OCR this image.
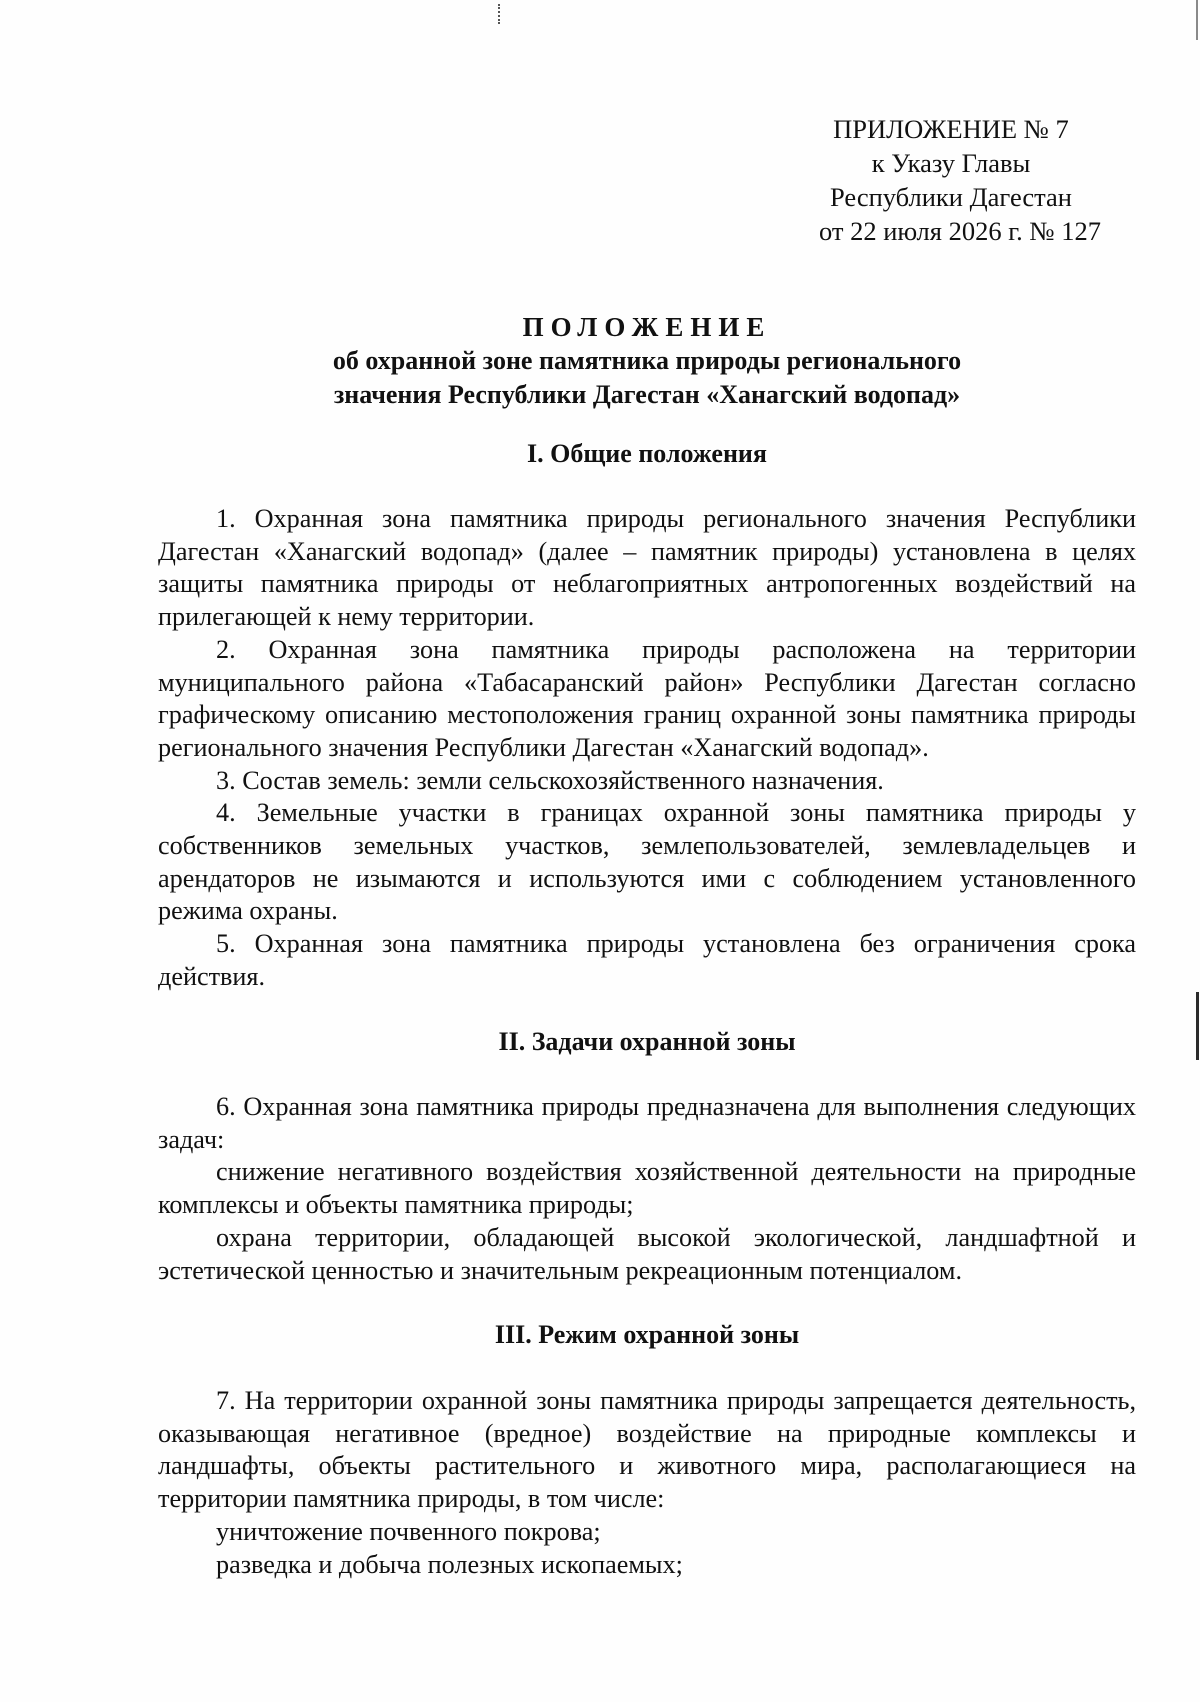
ПРИЛОЖЕНИЕ № 7
к Указу Главы
Республики Дагестан
от 22 июля 2026 г. № 127

ПОЛОЖЕНИЕ

об охранной зоне памятника природы регионального

значения Республики Дагестан «Ханагский водопад»

I. Общие положения

1. Охранная зона памятника природы регионального значения Республики Дагестан «Ханагский водопад» (далее – памятник природы) установлена в целях защиты памятника природы от неблагоприятных антропогенных воздействий на прилегающей к нему территории.

2. Охранная зона памятника природы расположена на территории муниципального района «Табасаранский район» Республики Дагестан согласно графическому описанию местоположения границ охранной зоны памятника природы регионального значения Республики Дагестан «Ханагский водопад».

3. Состав земель: земли сельскохозяйственного назначения.

4. Земельные участки в границах охранной зоны памятника природы у собственников земельных участков, землепользователей, землевладельцев и арендаторов не изымаются и используются ими с соблюдением установленного режима охраны.

5. Охранная зона памятника природы установлена без ограничения срока действия.

II. Задачи охранной зоны

6. Охранная зона памятника природы предназначена для выполнения следующих задач:

снижение негативного воздействия хозяйственной деятельности на природные комплексы и объекты памятника природы;

охрана территории, обладающей высокой экологической, ландшафтной и эстетической ценностью и значительным рекреационным потенциалом.

III. Режим охранной зоны

7. На территории охранной зоны памятника природы запрещается деятельность, оказывающая негативное (вредное) воздействие на природные комплексы и ландшафты, объекты растительного и животного мира, располагающиеся на территории памятника природы, в том числе:

уничтожение почвенного покрова;

разведка и добыча полезных ископаемых;
